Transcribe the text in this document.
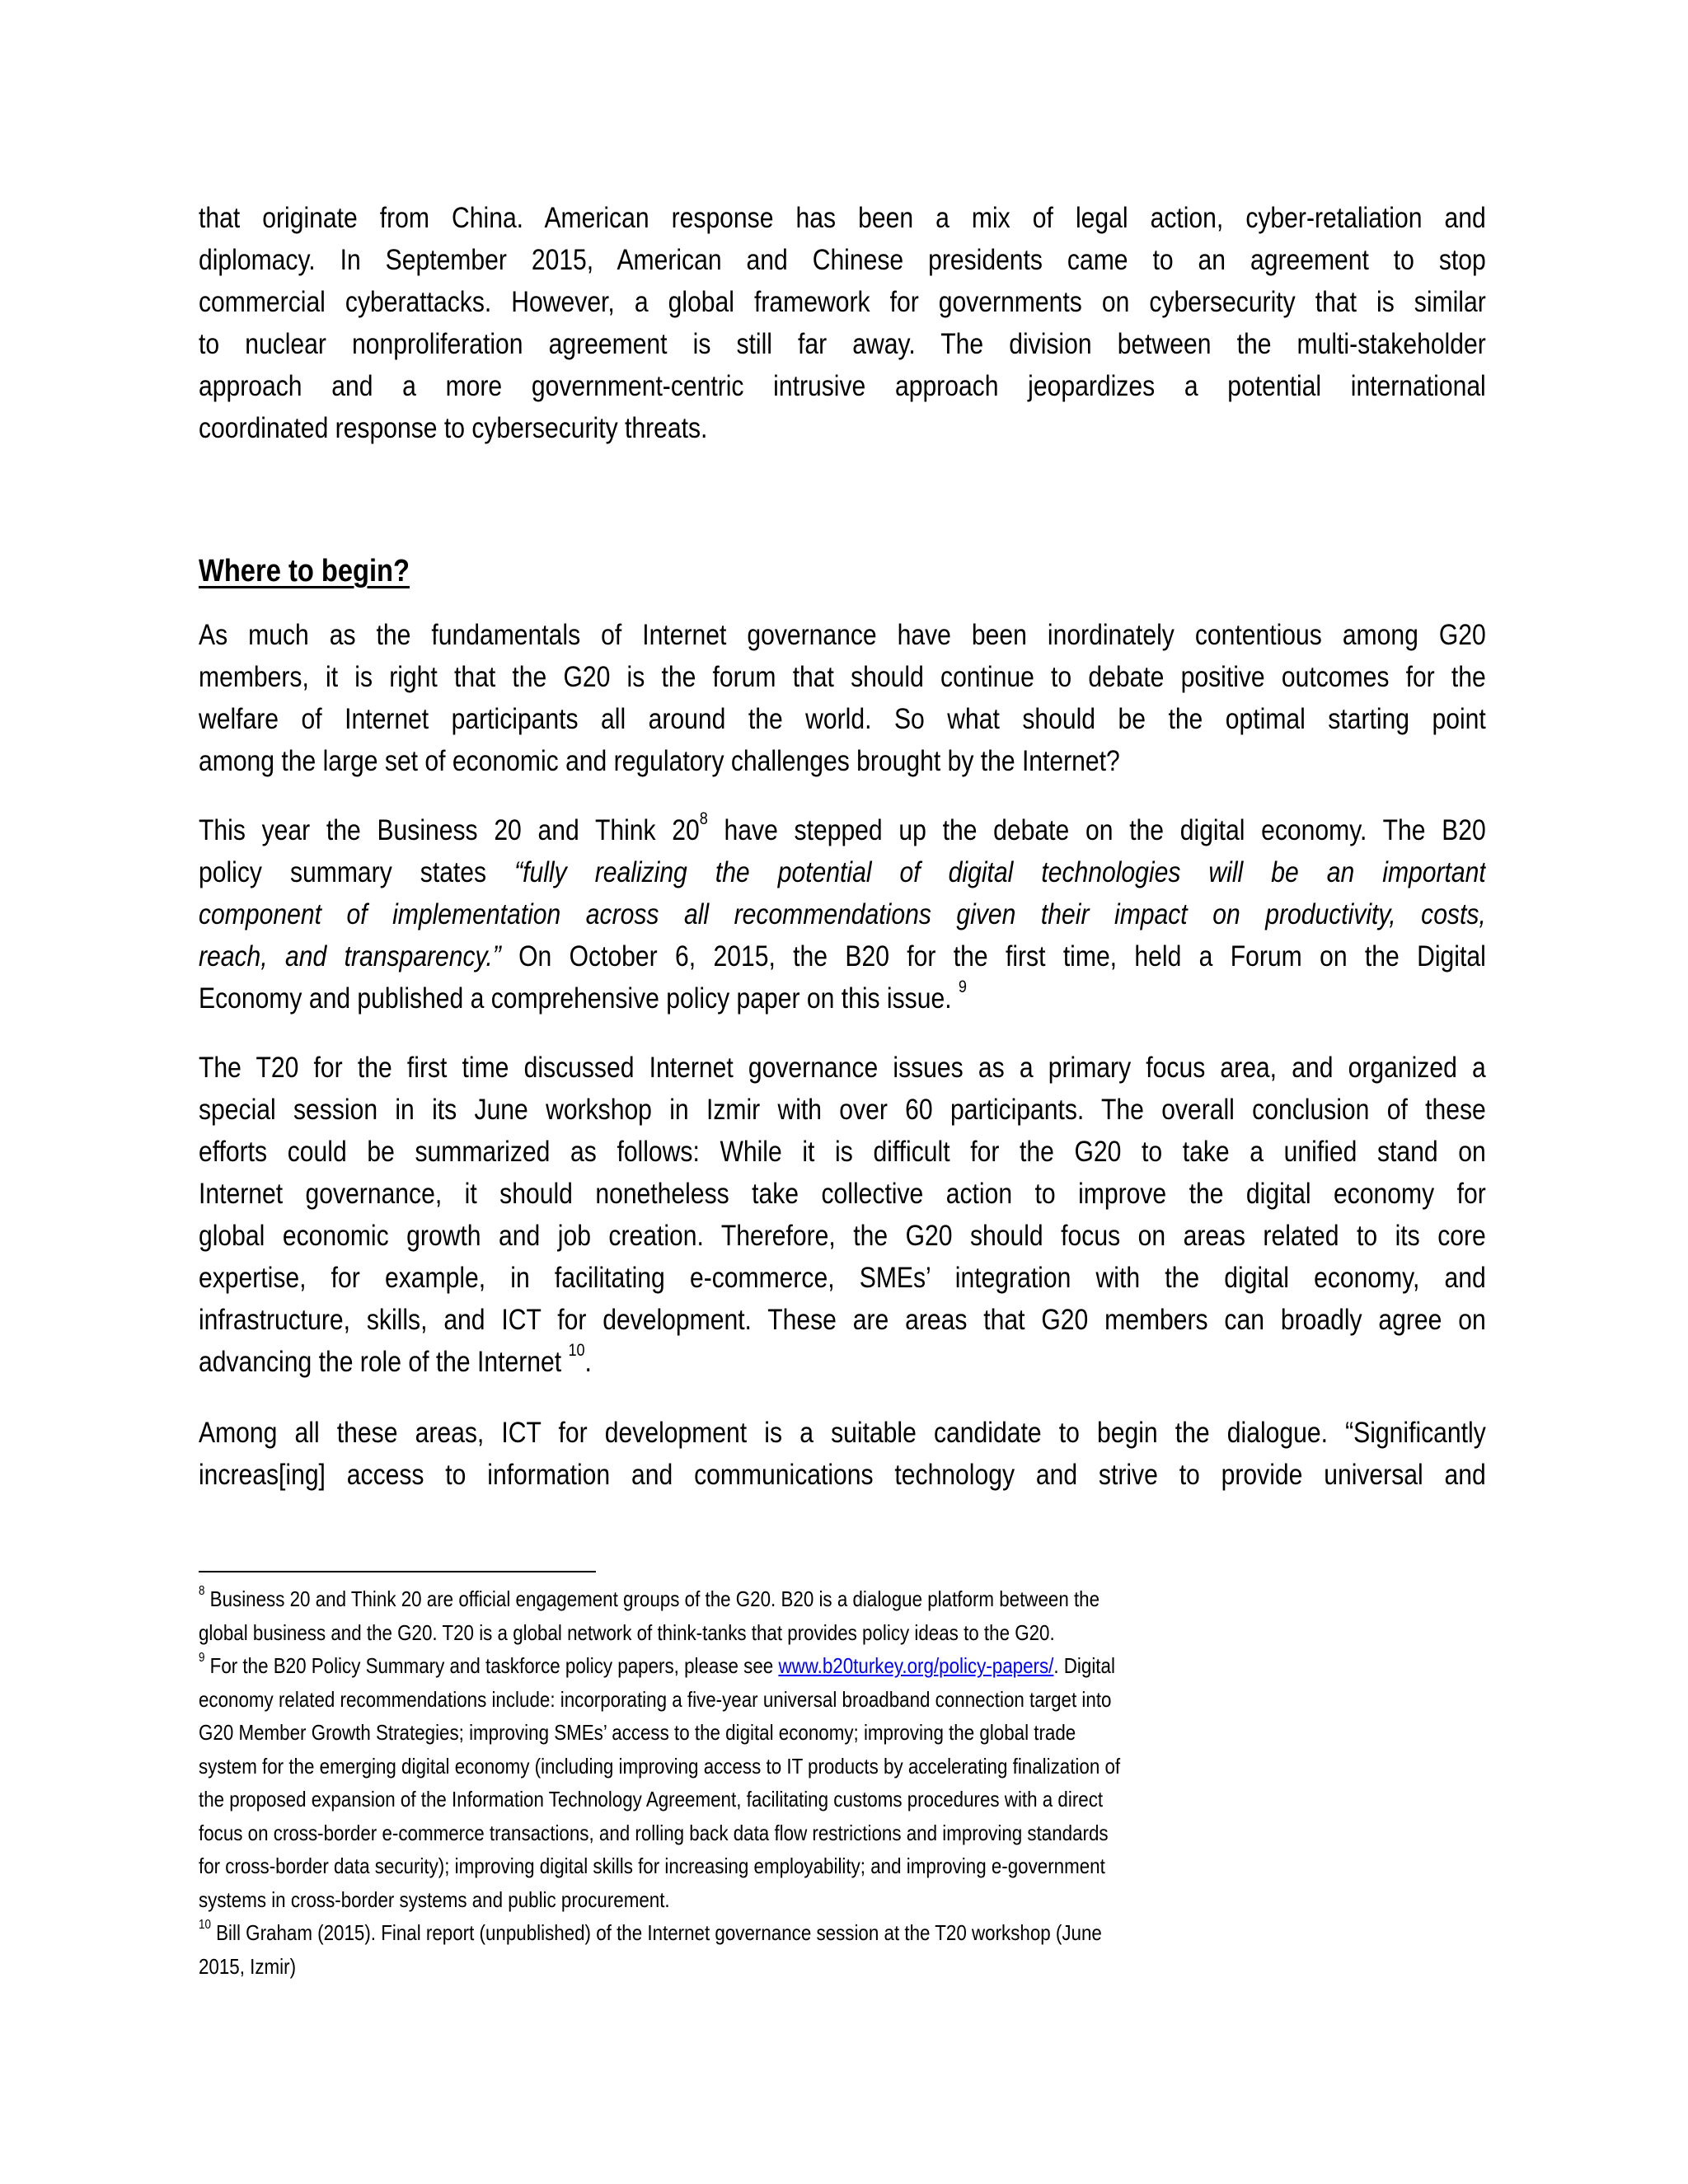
that originate from China. American response has been a mix of legal action, cyber-retaliation and
diplomacy. In September 2015, American and Chinese presidents came to an agreement to stop
commercial cyberattacks. However, a global framework for governments on cybersecurity that is similar
to nuclear nonproliferation agreement is still far away. The division between the multi-stakeholder
approach and a more government-centric intrusive approach jeopardizes a potential international
coordinated response to cybersecurity threats.
Where to begin?
As much as the fundamentals of Internet governance have been inordinately contentious among G20
members, it is right that the G20 is the forum that should continue to debate positive outcomes for the
welfare of Internet participants all around the world. So what should be the optimal starting point
among the large set of economic and regulatory challenges brought by the Internet?
This year the Business 20 and Think $20^8$ have stepped up the debate on the digital economy. The B20
policy summary states “fully realizing the potential of digital technologies will be an important
component of implementation across all recommendations given their impact on productivity, costs,
reach, and transparency.” On October 6, 2015, the B20 for the first time, held a Forum on the Digital
Economy and published a comprehensive policy paper on this issue. $^9$
The T20 for the first time discussed Internet governance issues as a primary focus area, and organized a
special session in its June workshop in Izmir with over 60 participants. The overall conclusion of these
efforts could be summarized as follows: While it is difficult for the G20 to take a unified stand on
Internet governance, it should nonetheless take collective action to improve the digital economy for
global economic growth and job creation. Therefore, the G20 should focus on areas related to its core
expertise, for example, in facilitating e-commerce, SMEs’ integration with the digital economy, and
infrastructure, skills, and ICT for development. These are areas that G20 members can broadly agree on
advancing the role of the Internet $^{10}$.
Among all these areas, ICT for development is a suitable candidate to begin the dialogue. “Significantly
increas[ing] access to information and communications technology and strive to provide universal and
$^8$ Business 20 and Think 20 are official engagement groups of the G20. B20 is a dialogue platform between the
global business and the G20. T20 is a global network of think-tanks that provides policy ideas to the G20.
$^9$ For the B20 Policy Summary and taskforce policy papers, please see www.b20turkey.org/policy-papers/. Digital
economy related recommendations include: incorporating a five-year universal broadband connection target into
G20 Member Growth Strategies; improving SMEs’ access to the digital economy; improving the global trade
system for the emerging digital economy (including improving access to IT products by accelerating finalization of
the proposed expansion of the Information Technology Agreement, facilitating customs procedures with a direct
focus on cross-border e-commerce transactions, and rolling back data flow restrictions and improving standards
for cross-border data security); improving digital skills for increasing employability; and improving e-government
systems in cross-border systems and public procurement.
$^{10}$ Bill Graham (2015). Final report (unpublished) of the Internet governance session at the T20 workshop (June
2015, Izmir)
